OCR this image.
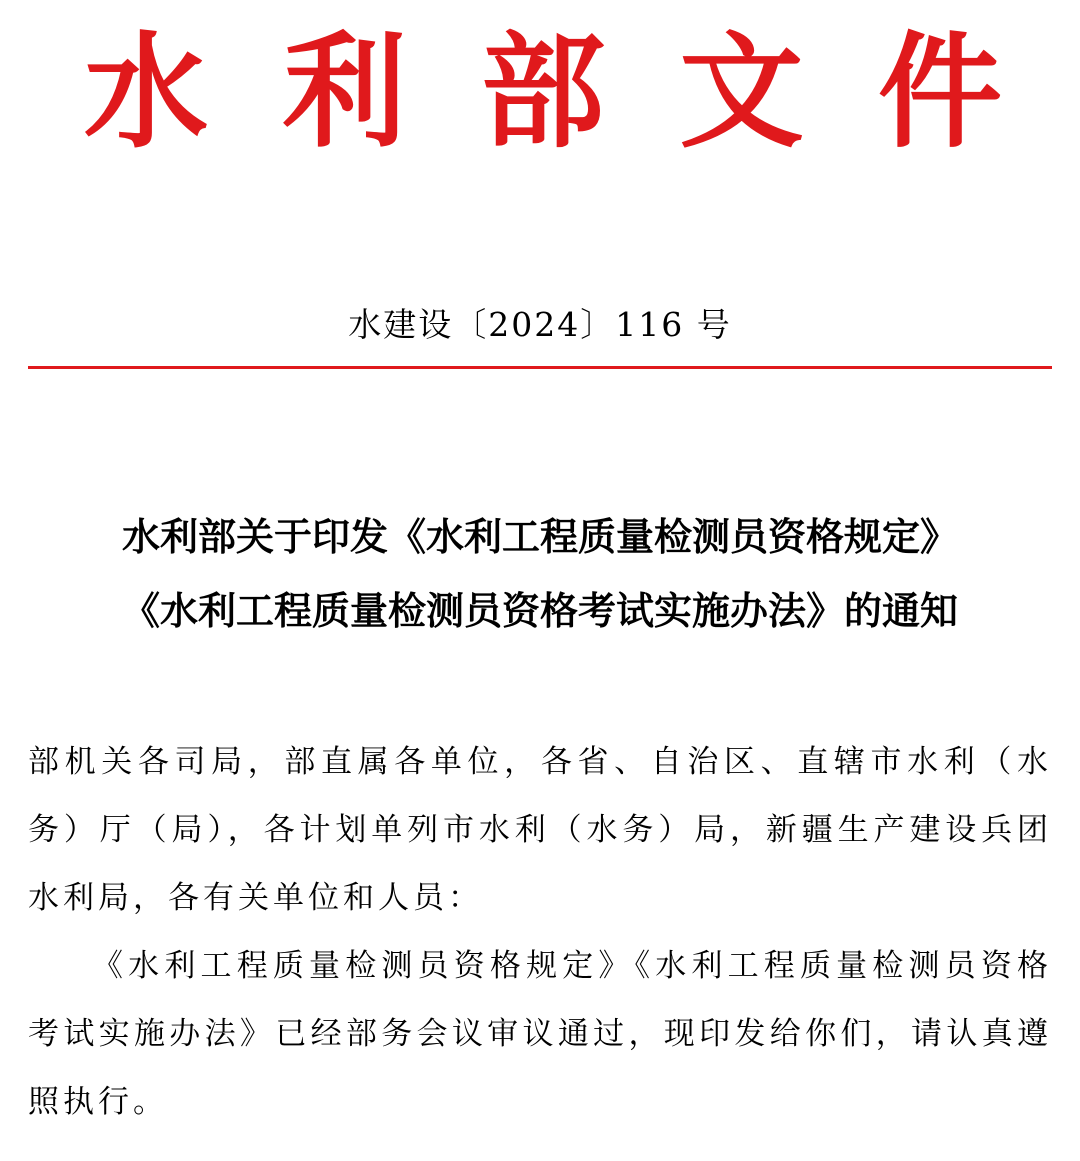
水 利 部 文 件
水建设〔2024〕116 号
水利部关于印发《水利工程质量检测员资格规定》
《水利工程质量检测员资格考试实施办法》的通知

部机关各司局，部直属各单位，各省、自治区、直辖市水利（水务）厅（局），各计划单列市水利（水务）局，新疆生产建设兵团水利局，各有关单位和人员：

《水利工程质量检测员资格规定》《水利工程质量检测员资格考试实施办法》已经部务会议审议通过，现印发给你们，请认真遵照执行。
